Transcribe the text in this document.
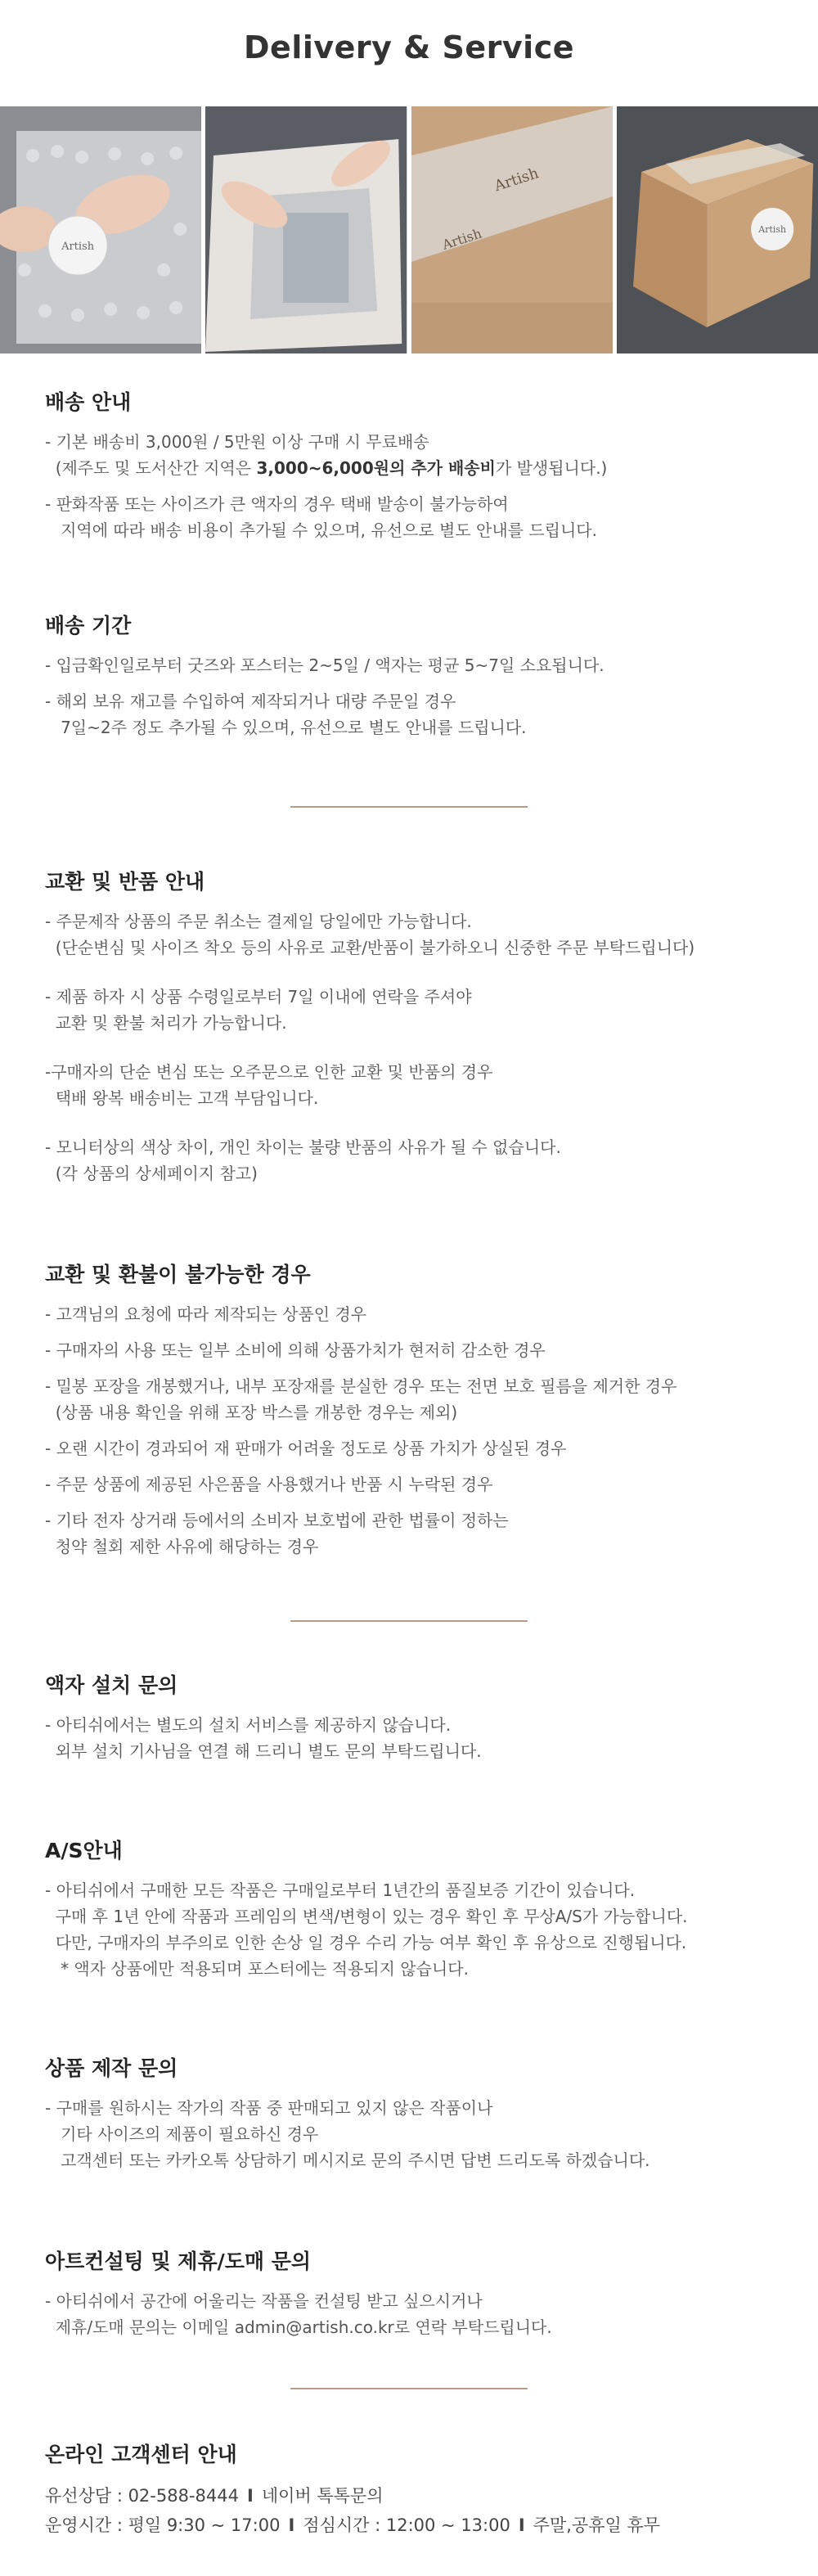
Delivery & Service
Artish
Artish
Artish	Artish
배송 안내

- 기본 배송비 3,000원 / 5만원 이상 구매 시 무료배송

(제주도 및 도서산간 지역은 3,000~6,000원의 추가 배송비가 발생됩니다.)

- 판화작품 또는 사이즈가 큰 액자의 경우 택배 발송이 불가능하여

지역에 따라 배송 비용이 추가될 수 있으며, 유선으로 별도 안내를 드립니다.

배송 기간

- 입금확인일로부터 굿즈와 포스터는 2~5일 / 액자는 평균 5~7일 소요됩니다.

- 해외 보유 재고를 수입하여 제작되거나 대량 주문일 경우

7일~2주 정도 추가될 수 있으며, 유선으로 별도 안내를 드립니다.

교환 및 반품 안내

- 주문제작 상품의 주문 취소는 결제일 당일에만 가능합니다.

(단순변심 및 사이즈 착오 등의 사유로 교환/반품이 불가하오니 신중한 주문 부탁드립니다)

- 제품 하자 시 상품 수령일로부터 7일 이내에 연락을 주셔야

교환 및 환불 처리가 가능합니다.

-구매자의 단순 변심 또는 오주문으로 인한 교환 및 반품의 경우

택배 왕복 배송비는 고객 부담입니다.

- 모니터상의 색상 차이, 개인 차이는 불량 반품의 사유가 될 수 없습니다.

(각 상품의 상세페이지 참고)

교환 및 환불이 불가능한 경우

- 고객님의 요청에 따라 제작되는 상품인 경우

- 구매자의 사용 또는 일부 소비에 의해 상품가치가 현저히 감소한 경우

- 밀봉 포장을 개봉했거나, 내부 포장재를 분실한 경우 또는 전면 보호 필름을 제거한 경우

(상품 내용 확인을 위해 포장 박스를 개봉한 경우는 제외)

- 오랜 시간이 경과되어 재 판매가 어려울 정도로 상품 가치가 상실된 경우

- 주문 상품에 제공된 사은품을 사용했거나 반품 시 누락된 경우

- 기타 전자 상거래 등에서의 소비자 보호법에 관한 법률이 정하는

청약 철회 제한 사유에 해당하는 경우

액자 설치 문의

- 아티쉬에서는 별도의 설치 서비스를 제공하지 않습니다.

외부 설치 기사님을 연결 해 드리니 별도 문의 부탁드립니다.

A/S안내

- 아티쉬에서 구매한 모든 작품은 구매일로부터 1년간의 품질보증 기간이 있습니다.

구매 후 1년 안에 작품과 프레임의 변색/변형이 있는 경우 확인 후 무상A/S가 가능합니다.

다만, 구매자의 부주의로 인한 손상 일 경우 수리 가능 여부 확인 후 유상으로 진행됩니다.

* 액자 상품에만 적용되며 포스터에는 적용되지 않습니다.

상품 제작 문의

- 구매를 원하시는 작가의 작품 중 판매되고 있지 않은 작품이나

기타 사이즈의 제품이 필요하신 경우

고객센터 또는 카카오톡 상담하기 메시지로 문의 주시면 답변 드리도록 하겠습니다.

아트컨설팅 및 제휴/도매 문의

- 아티쉬에서 공간에 어울리는 작품을 컨설팅 받고 싶으시거나

제휴/도매 문의는 이메일 admin@artish.co.kr로 연락 부탁드립니다.

온라인 고객센터 안내

유선상담 : 02-588-8444 I 네이버 톡톡문의

운영시간 : 평일 9:30 ~ 17:00 I 점심시간 : 12:00 ~ 13:00 I 주말,공휴일 휴무
